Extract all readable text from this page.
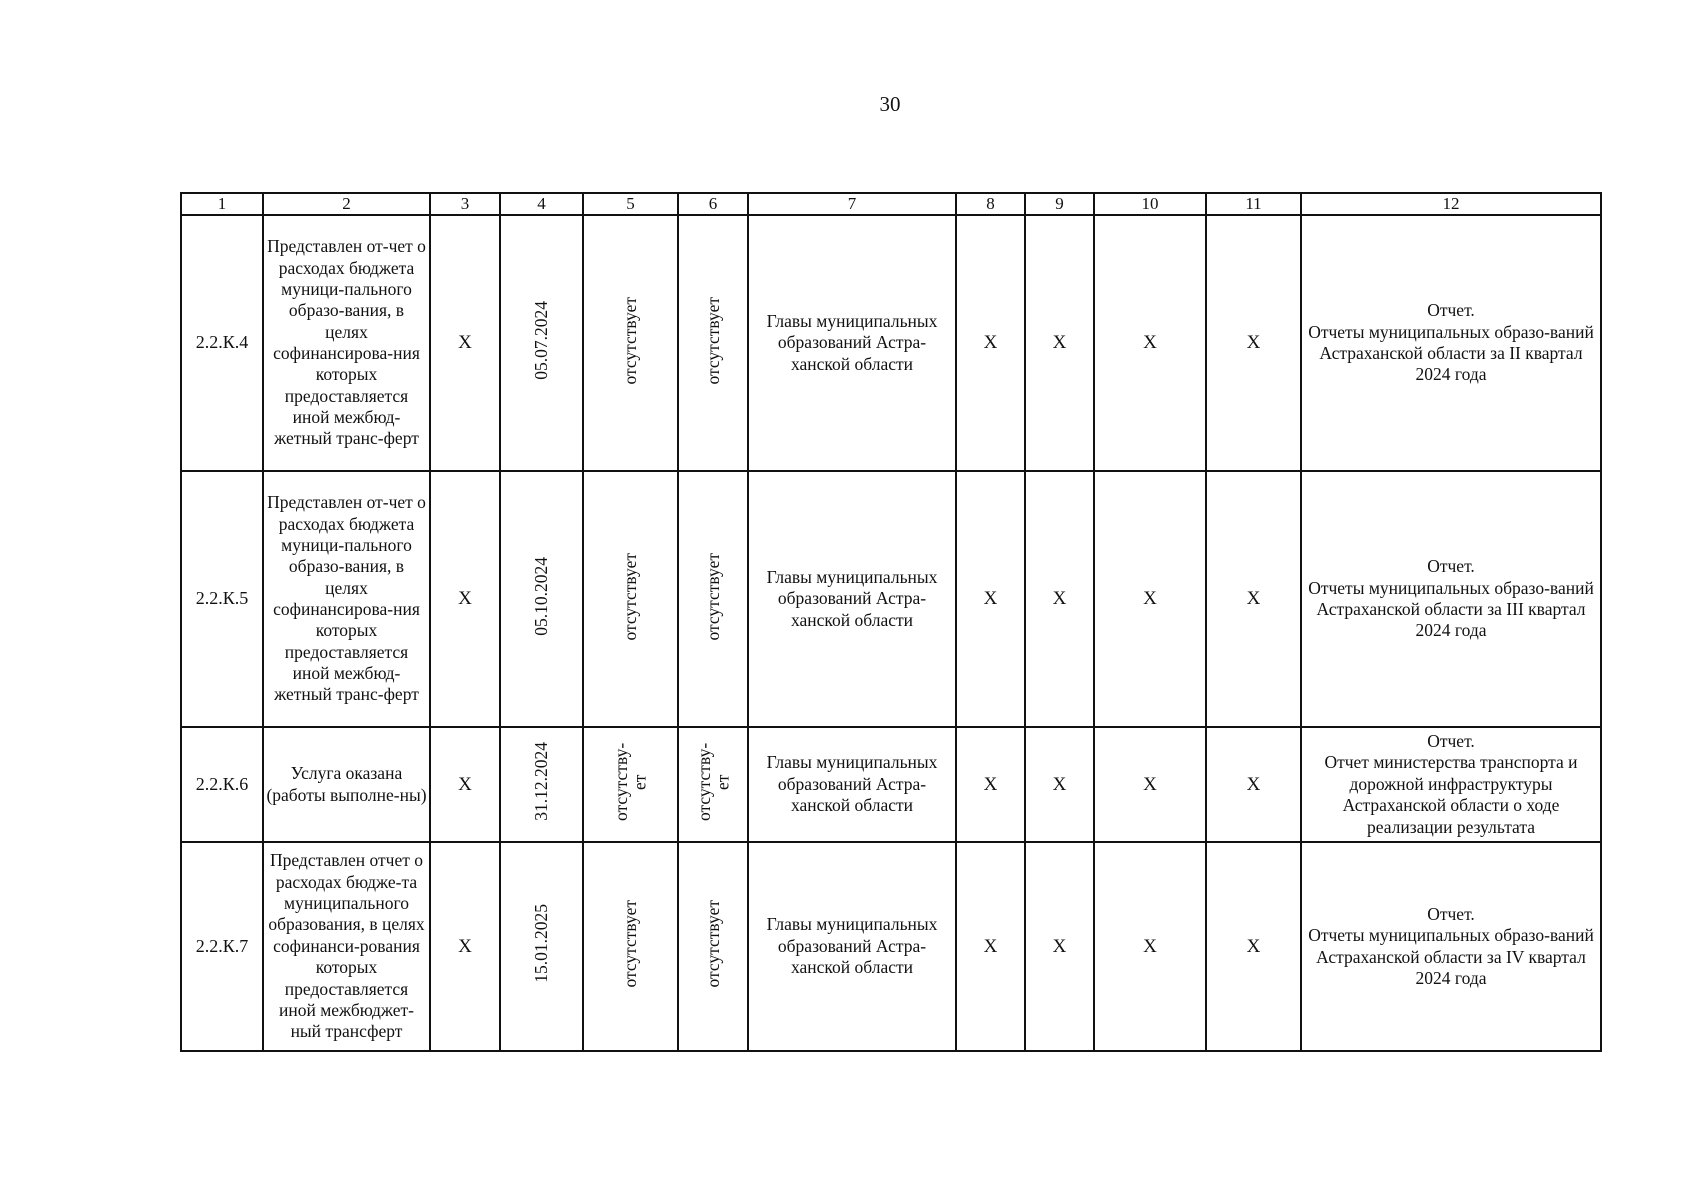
30
1	2	3	4	5	6	7	8	9	10	11	12
2.2.К.4	Представлен от-чет о расходах бюджета муници-пального образо-вания, в целях софинансирова-ния которых предоставляется иной межбюд-жетный транс-ферт	X	05.07.2024	отсутствует	отсутствует	Главы муниципальных образований Астра-ханской области	X	X	X	X	Отчет.
Отчеты муниципальных образо-ваний Астраханской области за II квартал 2024 года

2.2.К.5	Представлен от-чет о расходах бюджета муници-пального образо-вания, в целях софинансирова-ния которых предоставляется иной межбюд-жетный транс-ферт	X	05.10.2024	отсутствует	отсутствует	Главы муниципальных образований Астра-ханской области	X	X	X	X	Отчет.
Отчеты муниципальных образо-ваний Астраханской области за III квартал 2024 года

2.2.К.6	Услуга оказана (работы выполне-ны)	X	31.12.2024	отсутству-ет	отсутству-ет	Главы муниципальных образований Астра-ханской области	X	X	X	X	Отчет.
Отчет министерства транспорта и дорожной инфраструктуры Астраханской области о ходе реализации результата

2.2.К.7	Представлен отчет о расходах бюдже-та муниципального образования, в целях софинанси-рования которых предоставляется иной межбюджет-ный трансферт	X	15.01.2025	отсутствует	отсутствует	Главы муниципальных образований Астра-ханской области	X	X	X	X	Отчет.
Отчеты муниципальных образо-ваний Астраханской области за IV квартал 2024 года
